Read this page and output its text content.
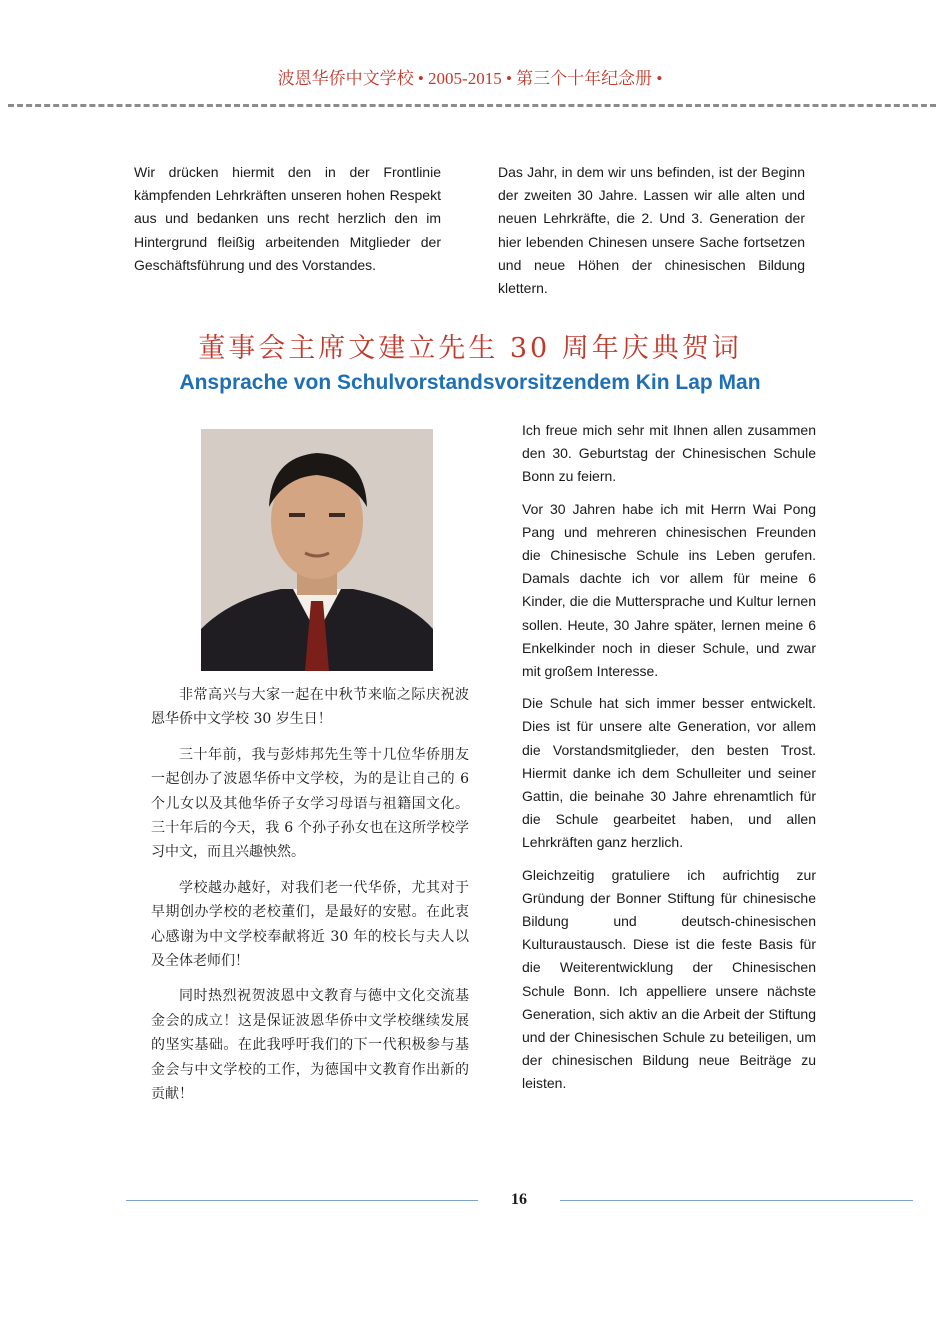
波恩华侨中文学校 • 2005-2015 • 第三个十年纪念册 •

Wir drücken hiermit den in der Frontlinie kämpfenden Lehrkräften unseren hohen Respekt aus und bedanken uns recht herzlich den im Hintergrund fleißig arbeitenden Mitglieder der Geschäftsführung und des Vorstandes.

Das Jahr, in dem wir uns befinden, ist der Beginn der zweiten 30 Jahre. Lassen wir alle alten und neuen Lehrkräfte, die 2. Und 3. Generation der hier lebenden Chinesen unsere Sache fortsetzen und neue Höhen der chinesischen Bildung klettern.

董事会主席文建立先生 30 周年庆典贺词
Ansprache von Schulvorstandsvorsitzendem Kin Lap Man

Ich freue mich sehr mit Ihnen allen zusammen den 30. Geburtstag der Chinesischen Schule Bonn zu feiern.

Vor 30 Jahren habe ich mit Herrn Wai Pong Pang und mehreren chinesischen Freunden die Chinesische Schule ins Leben gerufen. Damals dachte ich vor allem für meine 6 Kinder, die die Muttersprache und Kultur lernen sollen. Heute, 30 Jahre später, lernen meine 6 Enkelkinder noch in dieser Schule, und zwar mit großem Interesse.

Die Schule hat sich immer besser entwickelt. Dies ist für unsere alte Generation, vor allem die Vorstandsmitglieder, den besten Trost. Hiermit danke ich dem Schulleiter und seiner Gattin, die beinahe 30 Jahre ehrenamtlich für die Schule gearbeitet haben, und allen Lehrkräften ganz herzlich.

Gleichzeitig gratuliere ich aufrichtig zur Gründung der Bonner Stiftung für chinesische Bildung und deutsch-chinesischen Kulturaustausch. Diese ist die feste Basis für die Weiterentwicklung der Chinesischen Schule Bonn. Ich appelliere unsere nächste Generation, sich aktiv an die Arbeit der Stiftung und der Chinesischen Schule zu beteiligen, um der chinesischen Bildung neue Beiträge zu leisten.

非常高兴与大家一起在中秋节来临之际庆祝波恩华侨中文学校 30 岁生日！

三十年前，我与彭炜邦先生等十几位华侨朋友一起创办了波恩华侨中文学校，为的是让自己的 6 个儿女以及其他华侨子女学习母语与祖籍国文化。三十年后的今天，我 6 个孙子孙女也在这所学校学习中文，而且兴趣怏然。

学校越办越好，对我们老一代华侨，尤其对于早期创办学校的老校董们，是最好的安慰。在此衷心感谢为中文学校奉献将近 30 年的校长与夫人以及全体老师们！

同时热烈祝贺波恩中文教育与德中文化交流基金会的成立！这是保证波恩华侨中文学校继续发展的坚实基础。在此我呼吁我们的下一代积极参与基金会与中文学校的工作，为德国中文教育作出新的贡献！

16
